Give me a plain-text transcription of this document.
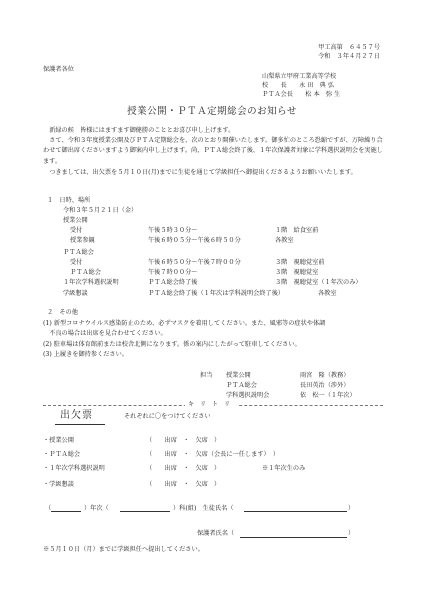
甲工高第　６４５７号
令和　３年４月２７日
保護者各位
山梨県立甲府工業高等学校
校　　長　　永 田　典 弘
ＰＴＡ会長　　松 本　弥 生
授業公開・ＰＴＡ定期総会のお知らせ
新緑の候　皆様にはますます御健勝のこととお喜び申し上げます。
さて、令和３年度授業公開及びＰＴＡ定期総会を、次のとおり開催いたします。御多忙のところ恐縮ですが、万障繰り合わせて御出席くださいますよう御案内申し上げます。尚、ＰＴＡ総会終了後、１年次保護者対象に学科選択説明会を実施します。
つきましては、出欠票を５月１０日(月)までに生徒を通じて学級担任へ御提出くださるようお願いいたします。
１　日時、場所
令和３年５月２１日（金）
授業公開
受付	午後５時３０分～	１階　給食室前
授業参観	午後６時０５分～午後６時５０分	各教室
ＰＴＡ総会
受付	午後６時５０分～午後７時００分	３階　視聴覚室前
ＰＴＡ総会	午後７時００分～	３階　視聴覚室
１年次学科選択説明	ＰＴＡ総会終了後	３階　視聴覚室（１年次のみ）
学級懇談	ＰＴＡ総会終了後（１年次は学科説明会終了後）	各教室
２　その他
(1) 新型コロナウイルス感染防止のため、必ずマスクを着用してください。また、風邪等の症状や体調
　不良の場合は出席を見合わせてください。
(2) 駐車場は体育館前または校舎北側になります。係の案内にしたがって駐車してください。
(3) 上履きを御持参ください。
担当 授業公開	雨宮　隆（教務）
ＰＴＡ総会	長田英治（渉外）
学科選択説明会	依　松一（１年次）
キリトリ
出欠票	それぞれに〇をつけてください
・授業公開	（　　出席　・　欠席　）
・ＰＴＡ総会	（　　出席　・　欠席（会長に一任します）　）
・１年次学科選択説明	（　　出席　・　欠席　）	※１年次生のみ
・学級懇談	（　　出席　・　欠席　）
（	）年次（	）科(組)　生徒氏名（	）
保護者氏名（	）
※５月１０日（月）までに学級担任へ提出してください。
